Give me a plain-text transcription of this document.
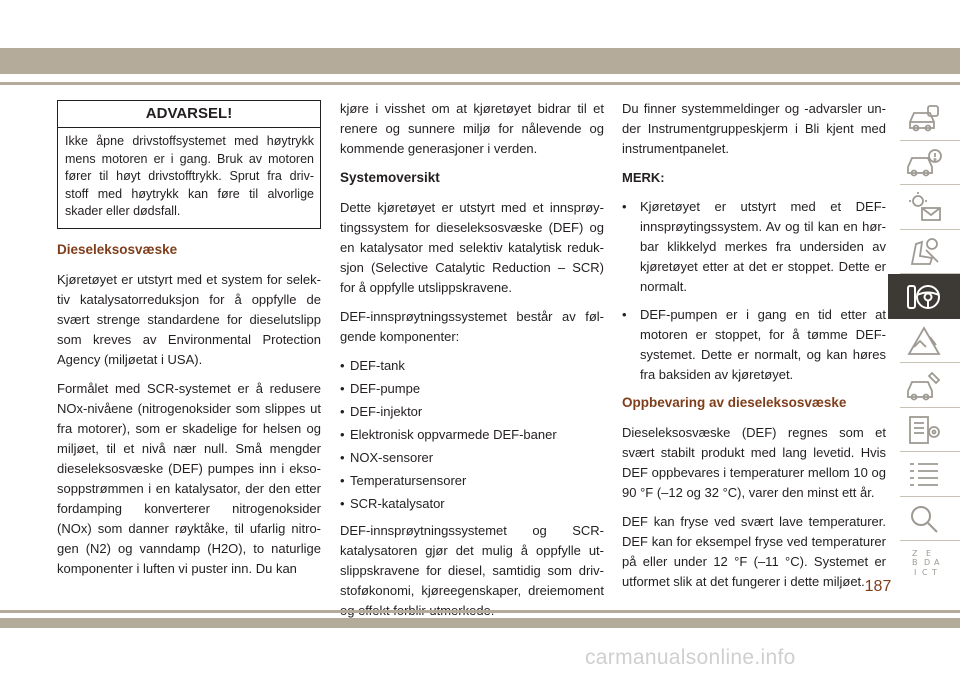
ADVARSEL!
Ikke åpne drivstoffsystemet med høytrykk mens motoren er i gang. Bruk av motoren fører til høyt drivstofftrykk. Sprut fra driv- stoff med høytrykk kan føre til alvorlige skader eller dødsfall.
Dieseleksosvæske

Kjøretøyet er utstyrt med et system for selek- tiv katalysatorreduksjon for å oppfylle de svært strenge standardene for dieselutslipp som kreves av Environmental Protection Agency (miljøetat i USA).

Formålet med SCR-systemet er å redusere NOx-nivåene (nitrogenoksider som slippes ut fra motorer), som er skadelige for helsen og miljøet, til et nivå nær null. Små mengder dieseleksosvæske (DEF) pumpes inn i ekso- soppstrømmen i en katalysator, der den etter fordamping konverterer nitrogenoksider (NOx) som danner røyktåke, til ufarlig nitro- gen (N2) og vanndamp (H2O), to naturlige komponenter i luften vi puster inn. Du kan

kjøre i visshet om at kjøretøyet bidrar til et renere og sunnere miljø for nålevende og kommende generasjoner i verden.

Systemoversikt

Dette kjøretøyet er utstyrt med et innsprøy- tingssystem for dieseleksosvæske (DEF) og en katalysator med selektiv katalytisk reduk- sjon (Selective Catalytic Reduction – SCR) for å oppfylle utslippskravene.

DEF-innsprøytningssystemet består av føl- gende komponenter:

• DEF-tank
• DEF-pumpe
• DEF-injektor
• Elektronisk oppvarmede DEF-baner
• NOX-sensorer
• Temperatursensorer
• SCR-katalysator

DEF-innsprøytningssystemet og SCR- katalysatoren gjør det mulig å oppfylle ut- slippskravene for diesel, samtidig som driv- stoføkonomi, kjøreegenskaper, dreiemoment

Du finner systemmeldinger og -advarsler un- der Instrumentgruppeskjerm i Bli kjent med instrumentpanelet.

MERK:
• Kjøretøyet er utstyrt med et DEF- innsprøytingssystem. Av og til kan en hør- bar klikkelyd merkes fra undersiden av kjøretøyet etter at det er stoppet. Dette er normalt.
• DEF-pumpen er i gang en tid etter at motoren er stoppet, for å tømme DEF- systemet. Dette er normalt, og kan høres fra baksiden av kjøretøyet.
Oppbevaring av dieseleksosvæske

Dieseleksosvæske (DEF) regnes som et svært stabilt produkt med lang levetid. Hvis DEF oppbevares i temperaturer mellom 10 og 90 °F (–12 og 32 °C), varer den minst ett år.

DEF kan fryse ved svært lave temperaturer. DEF kan for eksempel fryse ved temperaturer på eller under 12 °F (–11 °C). Systemet er utformet slik at det fungerer i dette miljøet.

Z E
B D A
I C T
187
carmanualsonline.info
